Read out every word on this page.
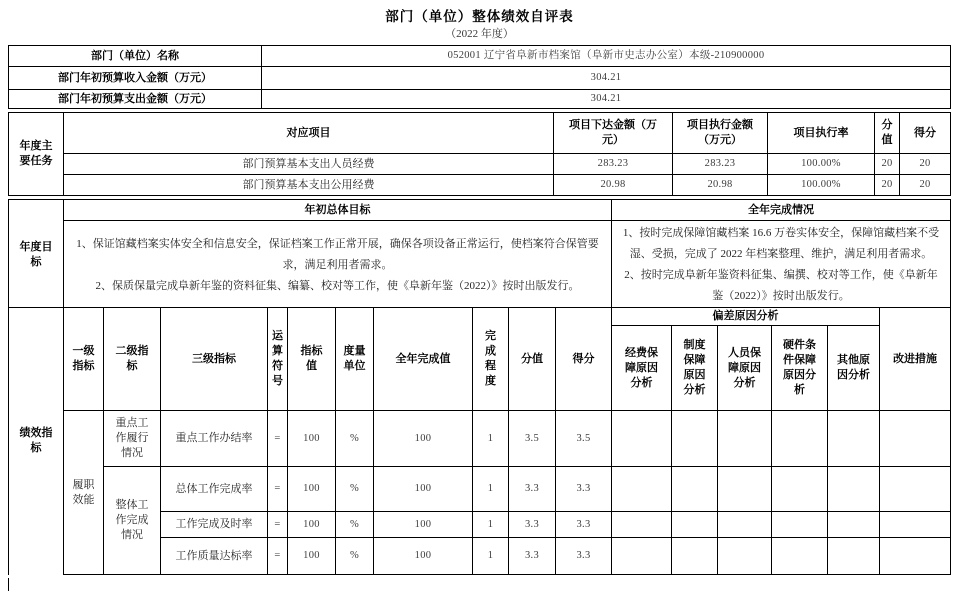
部门（单位）整体绩效自评表
（2022 年度）
部门（单位）名称	052001 辽宁省阜新市档案馆（阜新市史志办公室）本级-210900000
部门年初预算收入金额（万元）	304.21
部门年初预算支出金额（万元）	304.21
年度主要任务	对应项目	项目下达金额（万元）	项目执行金额（万元）	项目执行率	分值	得分
	部门预算基本支出人员经费	283.23	283.23	100.00%	20	20
	部门预算基本支出公用经费	20.98	20.98	100.00%	20	20
年度目标	年初总体目标	全年完成情况

1、保证馆藏档案实体安全和信息安全，保证档案工作正常开展，确保各项设备正常运行，使档案符合保管要求，满足利用者需求。
2、保质保量完成阜新年鉴的资料征集、编纂、校对等工作，使《阜新年鉴（2022）》按时出版发行。

1、按时完成保障馆藏档案 16.6 万卷实体安全，保障馆藏档案不受湿、受损，完成了 2022 年档案整理、维护，满足利用者需求。
2、按时完成阜新年鉴资料征集、编撰、校对等工作，使《阜新年鉴（2022）》按时出版发行。
绩效指标	一级指标	二级指标	三级指标	运算符号	指标值	度量单位	全年完成值	完成程度	分值	得分	偏差原因分析					改进措施

											经费保障原因分析	制度保障原因分析	人员保障原因分析	硬件条件保障原因分析	其他原因分析	

	履职效能	重点工作履行情况	重点工作办结率	=	100	%	100	1	3.5	3.5						

		整体工作完成情况	总体工作完成率	=	100	%	100	1	3.3	3.3						
			工作完成及时率	=	100	%	100	1	3.3	3.3						
			工作质量达标率	=	100	%	100	1	3.3	3.3						
